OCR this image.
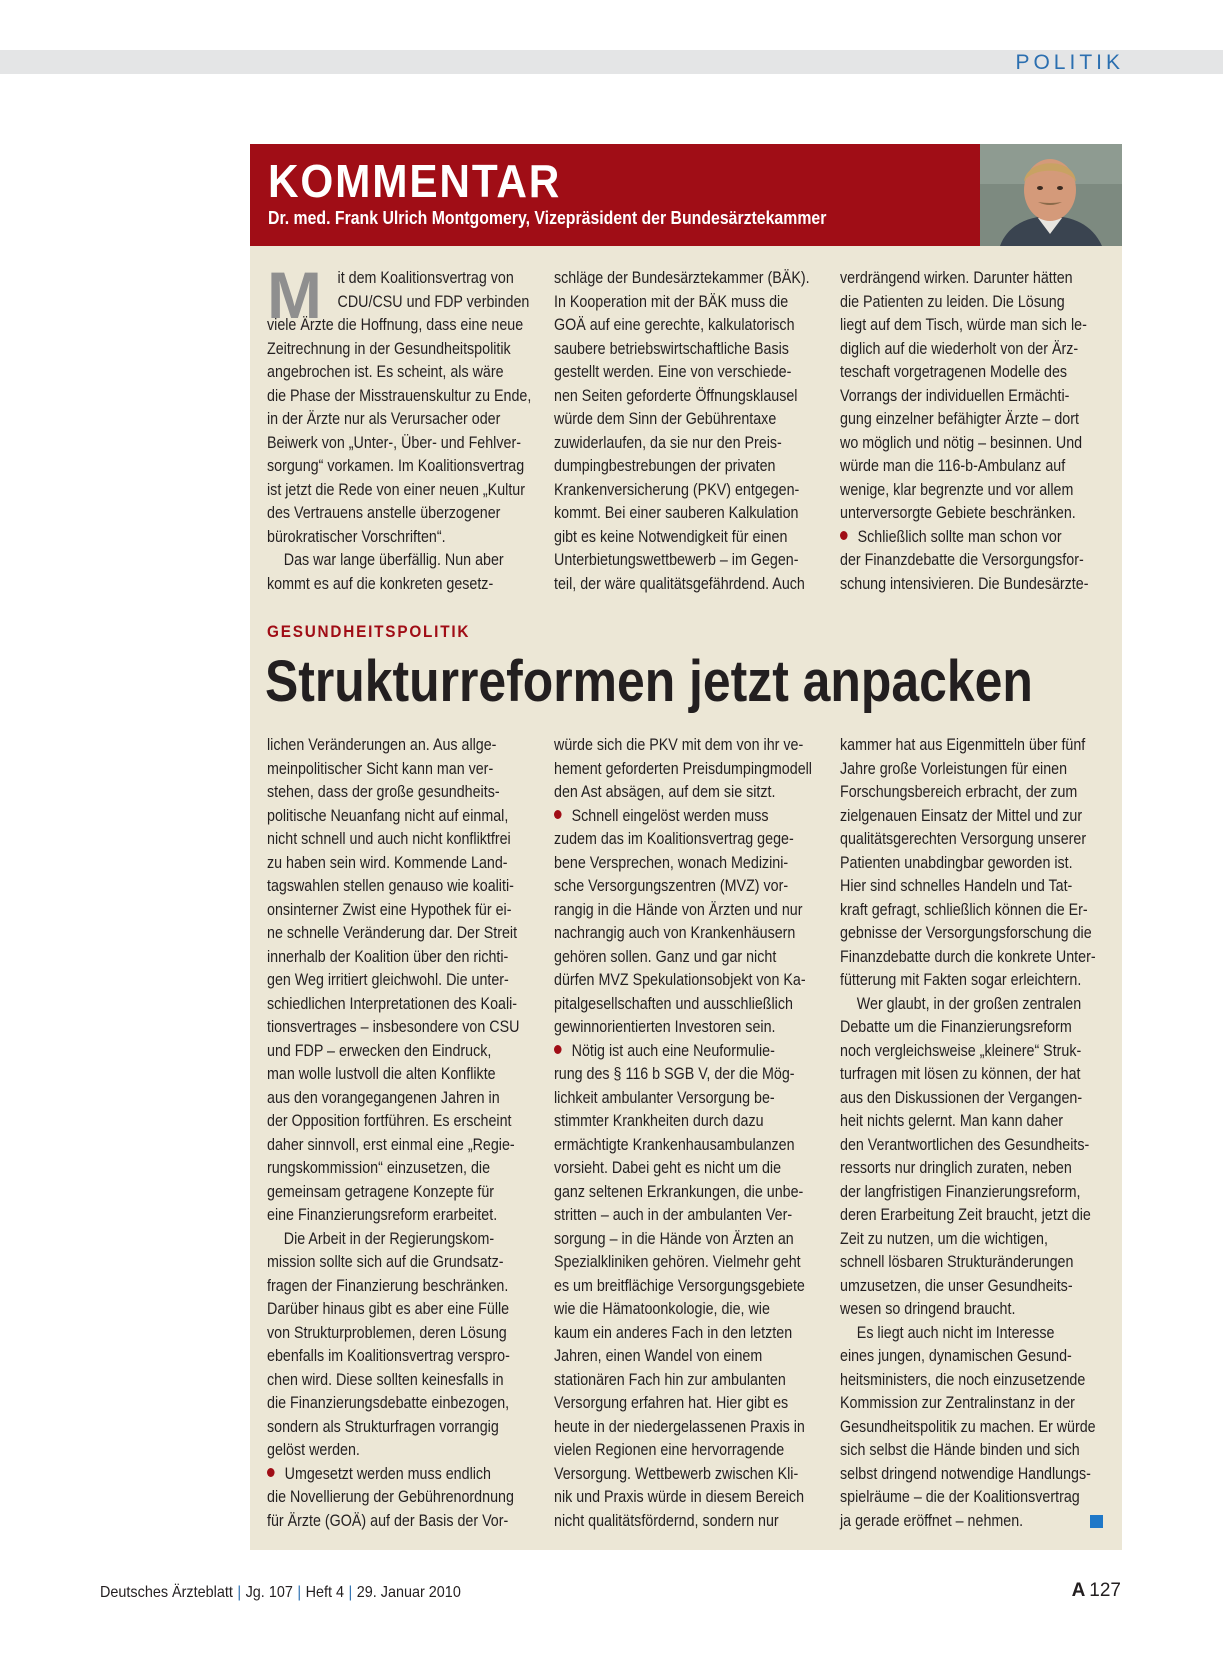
POLITIK
KOMMENTAR
Dr. med. Frank Ulrich Montgomery, Vizepräsident der Bundesärztekammer
M it dem Koalitionsvertrag von
CDU/CSU und FDP verbinden
viele Ärzte die Hoffnung, dass eine neue
Zeitrechnung in der Gesundheitspolitik
angebrochen ist. Es scheint, als wäre
die Phase der Misstrauenskultur zu Ende,
in der Ärzte nur als Verursacher oder
Beiwerk von „Unter-, Über- und Fehlver-
sorgung“ vorkamen. Im Koalitionsvertrag
ist jetzt die Rede von einer neuen „Kultur
des Vertrauens anstelle überzogener
bürokratischer Vorschriften“.
Das war lange überfällig. Nun aber
kommt es auf die konkreten gesetz-
schläge der Bundesärztekammer (BÄK).
In Kooperation mit der BÄK muss die
GOÄ auf eine gerechte, kalkulatorisch
saubere betriebswirtschaftliche Basis
gestellt werden. Eine von verschiede-
nen Seiten geforderte Öffnungsklausel
würde dem Sinn der Gebührentaxe
zuwiderlaufen, da sie nur den Preis-
dumpingbestrebungen der privaten
Krankenversicherung (PKV) entgegen-
kommt. Bei einer sauberen Kalkulation
gibt es keine Notwendigkeit für einen
Unterbietungswettbewerb – im Gegen-
teil, der wäre qualitätsgefährdend. Auch
verdrängend wirken. Darunter hätten
die Patienten zu leiden. Die Lösung
liegt auf dem Tisch, würde man sich le-
diglich auf die wiederholt von der Ärz-
teschaft vorgetragenen Modelle des
Vorrangs der individuellen Ermächti-
gung einzelner befähigter Ärzte – dort
wo möglich und nötig – besinnen. Und
würde man die 116-b-Ambulanz auf
wenige, klar begrenzte und vor allem
unterversorgte Gebiete beschränken.
Schließlich sollte man schon vor
der Finanzdebatte die Versorgungsfor-
schung intensivieren. Die Bundesärzte-
GESUNDHEITSPOLITIK
Strukturreformen jetzt anpacken
lichen Veränderungen an. Aus allge-
meinpolitischer Sicht kann man ver-
stehen, dass der große gesundheits-
politische Neuanfang nicht auf einmal,
nicht schnell und auch nicht konfliktfrei
zu haben sein wird. Kommende Land-
tagswahlen stellen genauso wie koaliti-
onsinterner Zwist eine Hypothek für ei-
ne schnelle Veränderung dar. Der Streit
innerhalb der Koalition über den richti-
gen Weg irritiert gleichwohl. Die unter-
schiedlichen Interpretationen des Koali-
tionsvertrages – insbesondere von CSU
und FDP – erwecken den Eindruck,
man wolle lustvoll die alten Konflikte
aus den vorangegangenen Jahren in
der Opposition fortführen. Es erscheint
daher sinnvoll, erst einmal eine „Regie-
rungskommission“ einzusetzen, die
gemeinsam getragene Konzepte für
eine Finanzierungsreform erarbeitet.
Die Arbeit in der Regierungskom-
mission sollte sich auf die Grundsatz-
fragen der Finanzierung beschränken.
Darüber hinaus gibt es aber eine Fülle
von Strukturproblemen, deren Lösung
ebenfalls im Koalitionsvertrag verspro-
chen wird. Diese sollten keinesfalls in
die Finanzierungsdebatte einbezogen,
sondern als Strukturfragen vorrangig
gelöst werden.
Umgesetzt werden muss endlich
die Novellierung der Gebührenordnung
für Ärzte (GOÄ) auf der Basis der Vor-
würde sich die PKV mit dem von ihr ve-
hement geforderten Preisdumpingmodell
den Ast absägen, auf dem sie sitzt.
Schnell eingelöst werden muss
zudem das im Koalitionsvertrag gege-
bene Versprechen, wonach Medizini-
sche Versorgungszentren (MVZ) vor-
rangig in die Hände von Ärzten und nur
nachrangig auch von Krankenhäusern
gehören sollen. Ganz und gar nicht
dürfen MVZ Spekulationsobjekt von Ka-
pitalgesellschaften und ausschließlich
gewinnorientierten Investoren sein.
Nötig ist auch eine Neuformulie-
rung des § 116 b SGB V, der die Mög-
lichkeit ambulanter Versorgung be-
stimmter Krankheiten durch dazu
ermächtigte Krankenhausambulanzen
vorsieht. Dabei geht es nicht um die
ganz seltenen Erkrankungen, die unbe-
stritten – auch in der ambulanten Ver-
sorgung – in die Hände von Ärzten an
Spezialkliniken gehören. Vielmehr geht
es um breitflächige Versorgungsgebiete
wie die Hämatoonkologie, die, wie
kaum ein anderes Fach in den letzten
Jahren, einen Wandel von einem
stationären Fach hin zur ambulanten
Versorgung erfahren hat. Hier gibt es
heute in der niedergelassenen Praxis in
vielen Regionen eine hervorragende
Versorgung. Wettbewerb zwischen Kli-
nik und Praxis würde in diesem Bereich
nicht qualitätsfördernd, sondern nur
kammer hat aus Eigenmitteln über fünf
Jahre große Vorleistungen für einen
Forschungsbereich erbracht, der zum
zielgenauen Einsatz der Mittel und zur
qualitätsgerechten Versorgung unserer
Patienten unabdingbar geworden ist.
Hier sind schnelles Handeln und Tat-
kraft gefragt, schließlich können die Er-
gebnisse der Versorgungsforschung die
Finanzdebatte durch die konkrete Unter-
fütterung mit Fakten sogar erleichtern.
Wer glaubt, in der großen zentralen
Debatte um die Finanzierungsreform
noch vergleichsweise „kleinere“ Struk-
turfragen mit lösen zu können, der hat
aus den Diskussionen der Vergangen-
heit nichts gelernt. Man kann daher
den Verantwortlichen des Gesundheits-
ressorts nur dringlich zuraten, neben
der langfristigen Finanzierungsreform,
deren Erarbeitung Zeit braucht, jetzt die
Zeit zu nutzen, um die wichtigen,
schnell lösbaren Strukturänderungen
umzusetzen, die unser Gesundheits-
wesen so dringend braucht.
Es liegt auch nicht im Interesse
eines jungen, dynamischen Gesund-
heitsministers, die noch einzusetzende
Kommission zur Zentralinstanz in der
Gesundheitspolitik zu machen. Er würde
sich selbst die Hände binden und sich
selbst dringend notwendige Handlungs-
spielräume – die der Koalitionsvertrag
ja gerade eröffnet – nehmen.
Deutsches Ärzteblatt | Jg. 107 | Heft 4 | 29. Januar 2010	A 127
